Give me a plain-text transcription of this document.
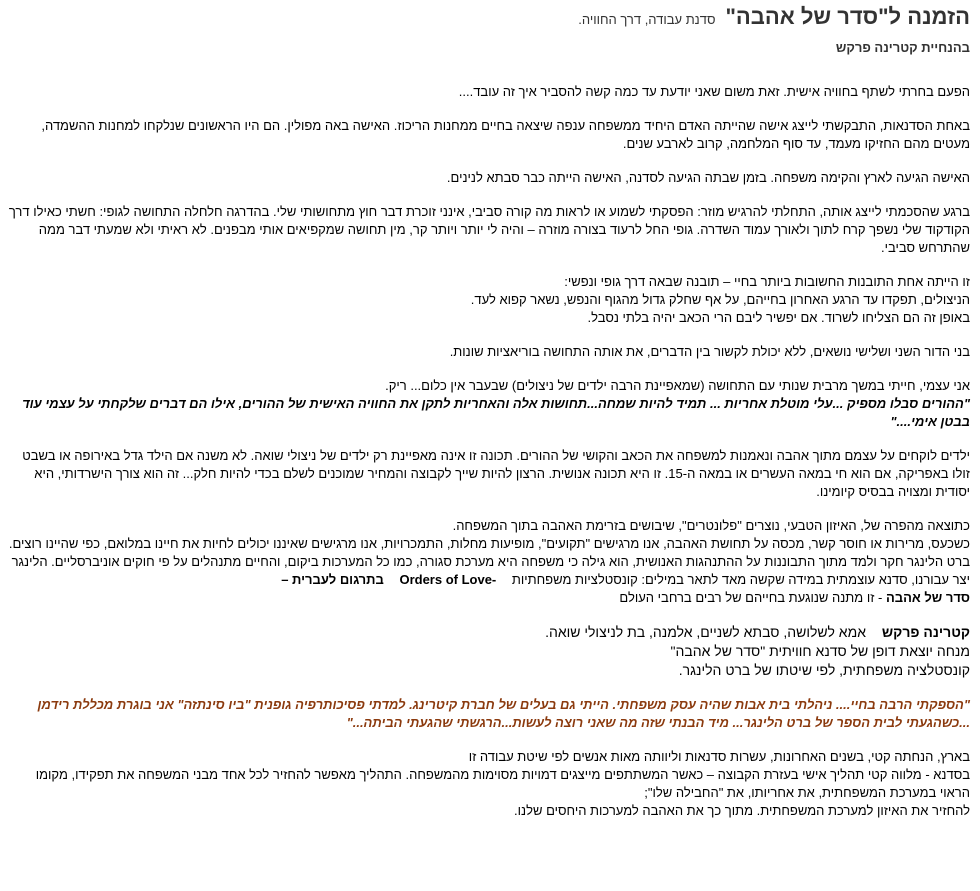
הזמנה ל"סדר של אהבה"
סדנת עבודה, דרך החוויה.
בהנחיית קטרינה פרקש

הפעם בחרתי לשתף בחוויה אישית. זאת משום שאני יודעת עד כמה קשה להסביר איך זה עובד....

באחת הסדנאות, התבקשתי לייצג אישה שהייתה האדם היחיד ממשפחה ענפה שיצאה בחיים ממחנות הריכוז. האישה באה מפולין. הם היו הראשונים שנלקחו למחנות ההשמדה, מעטים מהם החזיקו מעמד, עד סוף המלחמה, קרוב לארבע שנים.

האישה הגיעה לארץ והקימה משפחה. בזמן שבתה הגיעה לסדנה, האישה הייתה כבר סבתא לנינים.

ברגע שהסכמתי לייצג אותה, התחלתי להרגיש מוזר: הפסקתי לשמוע או לראות מה קורה סביבי, אינני זוכרת דבר חוץ מתחושותי שלי. בהדרגה חלחלה התחושה לגופי: חשתי כאילו דרך הקודקוד שלי נשפך קרח לתוך ולאורך עמוד השדרה. גופי החל לרעוד בצורה מוזרה – והיה לי יותר ויותר קר, מין תחושה שמקפיאים אותי מבפנים. לא ראיתי ולא שמעתי דבר ממה שהתרחש סביבי.

זו הייתה אחת התובנות החשובות ביותר בחיי – תובנה שבאה דרך גופי ונפשי:
הניצולים, תפקדו עד הרגע האחרון בחייהם, על אף שחלק גדול מהגוף והנפש, נשאר קפוא לעד.
באופן זה הם הצליחו לשרוד. אם יפשיר ליבם הרי הכאב יהיה בלתי נסבל.

בני הדור השני ושלישי נושאים, ללא יכולת לקשור בין הדברים, את אותה התחושה בוריאציות שונות.

אני עצמי, חייתי במשך מרבית שנותי עם התחושה (שמאפיינת הרבה ילדים של ניצולים) שבעבר אין כלום... ריק.
"ההורים סבלו מספיק ...עלי מוטלת אחריות ... תמיד להיות שמחה...תחושות אלה והאחריות לתקן את החוויה האישית של ההורים, אילו הם דברים שלקחתי על עצמי עוד בבטן אימי...."

ילדים לוקחים על עצמם מתוך אהבה ונאמנות למשפחה את הכאב והקושי של ההורים. תכונה זו אינה מאפיינת רק ילדים של ניצולי שואה. לא משנה אם הילד גדל באירופה או בשבט זולו באפריקה, אם הוא חי במאה העשרים או במאה ה-15. זו היא תכונה אנושית. הרצון להיות שייך לקבוצה והמחיר שמוכנים לשלם בכדי להיות חלק... זה הוא צורך הישרדותי, היא יסודית ומצויה בבסיס קיומינו.

כתוצאה מהפרה של, האיזון הטבעי, נוצרים "פלונטרים", שיבושים בזרימת האהבה בתוך המשפחה.
כשכעס, מרירות או חוסר קשר, מכסה על תחושת האהבה, אנו מרגישים "תקועים", מופיעות מחלות, התמכרויות, אנו מרגישים שאיננו יכולים לחיות את חיינו במלואם, כפי שהיינו רוצים.
ברט הלינגר חקר ולמד מתוך התבוננות על ההתנהגות האנושית, הוא גילה כי משפחה היא מערכת סגורה, כמו כל המערכות ביקום, והחיים מתנהלים על פי חוקים אוניברסליים. הלינגר יצר עבורנו, סדנא עוצמתית במידה שקשה מאד לתאר במילים: קונסטלציות משפחתיות Orders of Love- בתרגום לעברית –
סדר של אהבה - זו מתנה שנוגעת בחייהם של רבים ברחבי העולם

קטרינה פרקש אמא לשלושה, סבתא לשניים, אלמנה, בת לניצולי שואה.
מנחה יוצאת דופן של סדנא חוויתית "סדר של אהבה"
קונסטלציה משפחתית, לפי שיטתו של ברט הלינגר.

"הספקתי הרבה בחיי.... ניהלתי בית אבות שהיה עסק משפחתי. הייתי גם בעלים של חברת קיטרינג. למדתי פסיכותרפיה גופנית "ביו סינתזה" אני בוגרת מכללת רידמן ...כשהגעתי לבית הספר של ברט הלינגר... מיד הבנתי שזה מה שאני רוצה לעשות...הרגשתי שהגעתי הביתה..."

בארץ, הנחתה קטי, בשנים האחרונות, עשרות סדנאות וליוותה מאות אנשים לפי שיטת עבודה זו
בסדנא - מלווה קטי תהליך אישי בעזרת הקבוצה – כאשר המשתתפים מייצגים דמויות מסוימות מהמשפחה. התהליך מאפשר להחזיר לכל אחד מבני המשפחה את תפקידו, מקומו הראוי במערכת המשפחתית, את אחריותו, את "החבילה שלו";
להחזיר את האיזון למערכת המשפחתית. מתוך כך את האהבה למערכות היחסים שלנו.
